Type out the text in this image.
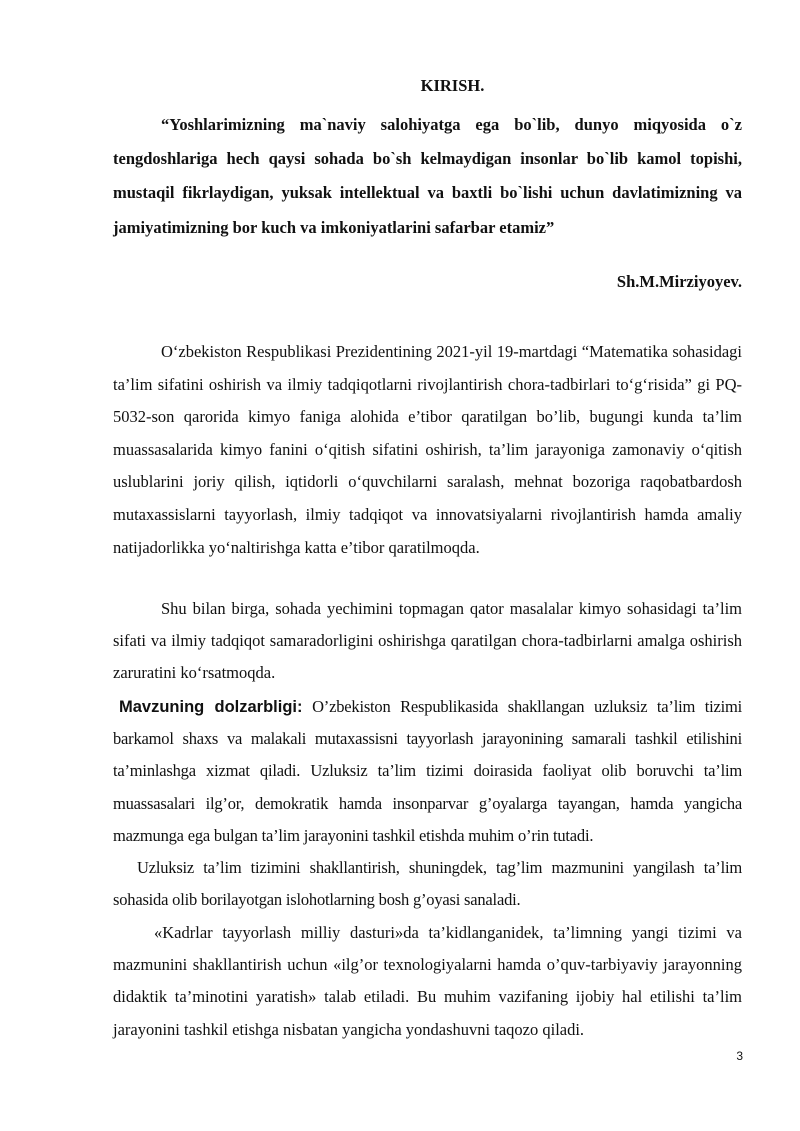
KIRISH.

“Yoshlarimizning ma`naviy salohiyatga ega bo`lib, dunyo miqyosida o`z tengdoshlariga hech qaysi sohada bo`sh kelmaydigan insonlar bo`lib kamol topishi, mustaqil fikrlaydigan, yuksak intellektual va baxtli bo`lishi uchun davlatimizning va jamiyatimizning bor kuch va imkoniyatlarini safarbar etamiz”

Sh.M.Mirziyoyev.

O‘zbekiston Respublikasi Prezidentining 2021-yil 19-martdagi “Matematika sohasidagi ta’lim sifatini oshirish va ilmiy tadqiqotlarni rivojlantirish chora-tadbirlari to‘g‘risida” gi PQ-5032-son qarorida kimyo faniga alohida e’tibor qaratilgan bo’lib, bugungi kunda ta’lim muassasalarida kimyo fanini o‘qitish sifatini oshirish, ta’lim jarayoniga zamonaviy o‘qitish uslublarini joriy qilish, iqtidorli o‘quvchilarni saralash, mehnat bozoriga raqobatbardosh mutaxassislarni tayyorlash, ilmiy tadqiqot va innovatsiyalarni rivojlantirish hamda amaliy natijadorlikka yo‘naltirishga katta e’tibor qaratilmoqda.

Shu bilan birga, sohada yechimini topmagan qator masalalar kimyo sohasidagi ta’lim sifati va ilmiy tadqiqot samaradorligini oshirishga qaratilgan chora-tadbirlarni amalga oshirish zaruratini ko‘rsatmoqda.

Mavzuning dolzarbligi: O’zbekiston Respublikasida shakllangan uzluksiz ta’lim tizimi barkamol shaxs va malakali mutaxassisni tayyorlash jarayonining samarali tashkil etilishini ta’minlashga xizmat qiladi. Uzluksiz ta’lim tizimi doirasida faoliyat olib boruvchi ta’lim muassasalari ilg’or, demokratik hamda insonparvar g’oyalarga tayangan, hamda yangicha mazmunga ega bulgan ta’lim jarayonini tashkil etishda muhim o’rin tutadi.

Uzluksiz ta’lim tizimini shakllantirish, shuningdek, tag’lim mazmunini yangilash ta’lim sohasida olib borilayotgan islohotlarning bosh g’oyasi sanaladi.

«Kadrlar tayyorlash milliy dasturi»da ta’kidlanganidek, ta’limning yangi tizimi va mazmunini shakllantirish uchun «ilg’or texnologiyalarni hamda o’quv-tarbiyaviy jarayonning didaktik ta’minotini yaratish» talab etiladi. Bu muhim vazifaning ijobiy hal etilishi ta’lim jarayonini tashkil etishga nisbatan yangicha yondashuvni taqozo qiladi.

3
